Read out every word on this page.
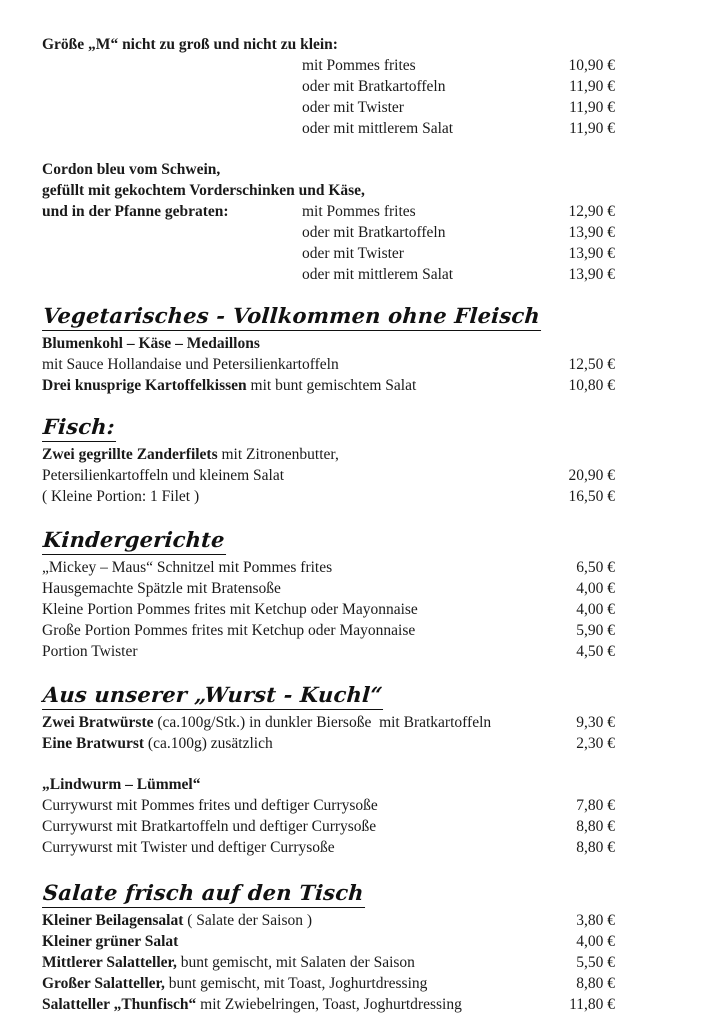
Größe „M“ nicht zu groß und nicht zu klein:
mit Pommes frites	10,90 €
oder mit Bratkartoffeln	11,90 €
oder mit Twister	11,90 €
oder mit mittlerem Salat	11,90 €
Cordon bleu vom Schwein,
gefüllt mit gekochtem Vorderschinken und Käse,
und in der Pfanne gebraten:	mit Pommes frites	12,90 €
oder mit Bratkartoffeln	13,90 €
oder mit Twister	13,90 €
oder mit mittlerem Salat	13,90 €
Vegetarisches - Vollkommen ohne Fleisch
Blumenkohl – Käse – Medaillons
mit Sauce Hollandaise und Petersilienkartoffeln	12,50 €
Drei knusprige Kartoffelkissen mit bunt gemischtem Salat	10,80 €
Fisch:
Zwei gegrillte Zanderfilets mit Zitronenbutter,
Petersilienkartoffeln und kleinem Salat	20,90 €
( Kleine Portion: 1 Filet )	16,50 €
Kindergerichte
„Mickey – Maus“ Schnitzel mit Pommes frites	6,50 €
Hausgemachte Spätzle mit Bratensoße	4,00 €
Kleine Portion Pommes frites mit Ketchup oder Mayonnaise	4,00 €
Große Portion Pommes frites mit Ketchup oder Mayonnaise	5,90 €
Portion Twister	4,50 €
Aus unserer „Wurst - Kuchl“
Zwei Bratwürste (ca.100g/Stk.) in dunkler Biersoße  mit Bratkartoffeln	9,30 €
Eine Bratwurst (ca.100g) zusätzlich	2,30 €
„Lindwurm – Lümmel“
Currywurst mit Pommes frites und deftiger Currysoße	7,80 €
Currywurst mit Bratkartoffeln und deftiger Currysoße	8,80 €
Currywurst mit Twister und deftiger Currysoße	8,80 €
Salate frisch auf den Tisch
Kleiner Beilagensalat ( Salate der Saison )	3,80 €
Kleiner grüner Salat	4,00 €
Mittlerer Salatteller, bunt gemischt, mit Salaten der Saison	5,50 €
Großer Salatteller, bunt gemischt, mit Toast, Joghurtdressing	8,80 €
Salatteller „Thunfisch“ mit Zwiebelringen, Toast, Joghurtdressing	11,80 €
